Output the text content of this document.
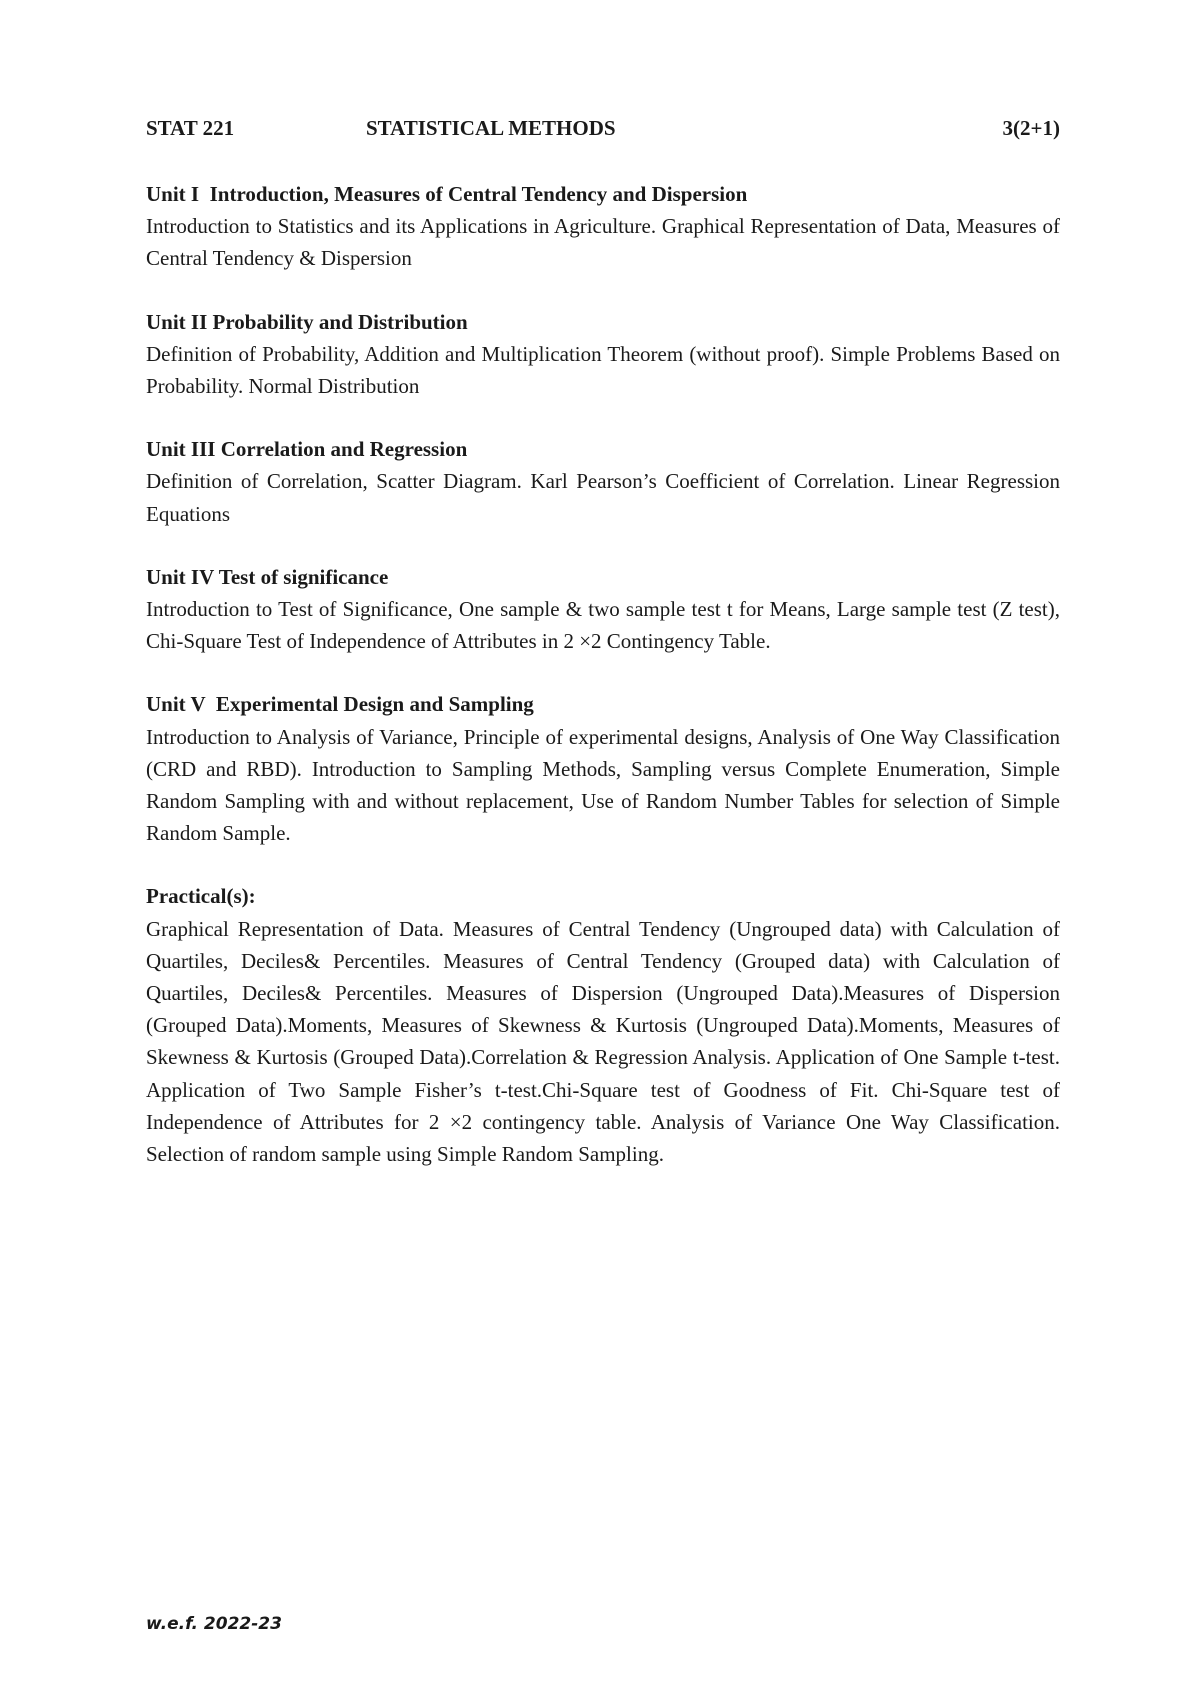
STAT 221	STATISTICAL METHODS	3(2+1)

Unit I  Introduction, Measures of Central Tendency and Dispersion

Introduction to Statistics and its Applications in Agriculture. Graphical Representation of Data, Measures of Central Tendency & Dispersion

Unit II Probability and Distribution

Definition of Probability, Addition and Multiplication Theorem (without proof). Simple Problems Based on Probability. Normal Distribution

Unit III Correlation and Regression

Definition of Correlation, Scatter Diagram. Karl Pearson’s Coefficient of Correlation. Linear Regression Equations

Unit IV Test of significance

Introduction to Test of Significance, One sample & two sample test t for Means, Large sample test (Z test), Chi-Square Test of Independence of Attributes in 2 ×2 Contingency Table.

Unit V  Experimental Design and Sampling

Introduction to Analysis of Variance, Principle of experimental designs, Analysis of One Way Classification (CRD and RBD). Introduction to Sampling Methods, Sampling versus Complete Enumeration, Simple Random Sampling with and without replacement, Use of Random Number Tables for selection of Simple Random Sample.

Practical(s):

Graphical Representation of Data. Measures of Central Tendency (Ungrouped data) with Calculation of Quartiles, Deciles& Percentiles. Measures of Central Tendency (Grouped data) with Calculation of Quartiles, Deciles& Percentiles. Measures of Dispersion (Ungrouped Data).Measures of Dispersion (Grouped Data).Moments, Measures of Skewness & Kurtosis (Ungrouped Data).Moments, Measures of Skewness & Kurtosis (Grouped Data).Correlation & Regression Analysis. Application of One Sample t-test. Application of Two Sample Fisher’s t-test.Chi-Square test of Goodness of Fit. Chi-Square test of Independence of Attributes for 2 ×2 contingency table. Analysis of Variance One Way Classification. Selection of random sample using Simple Random Sampling.

w.e.f. 2022-23
